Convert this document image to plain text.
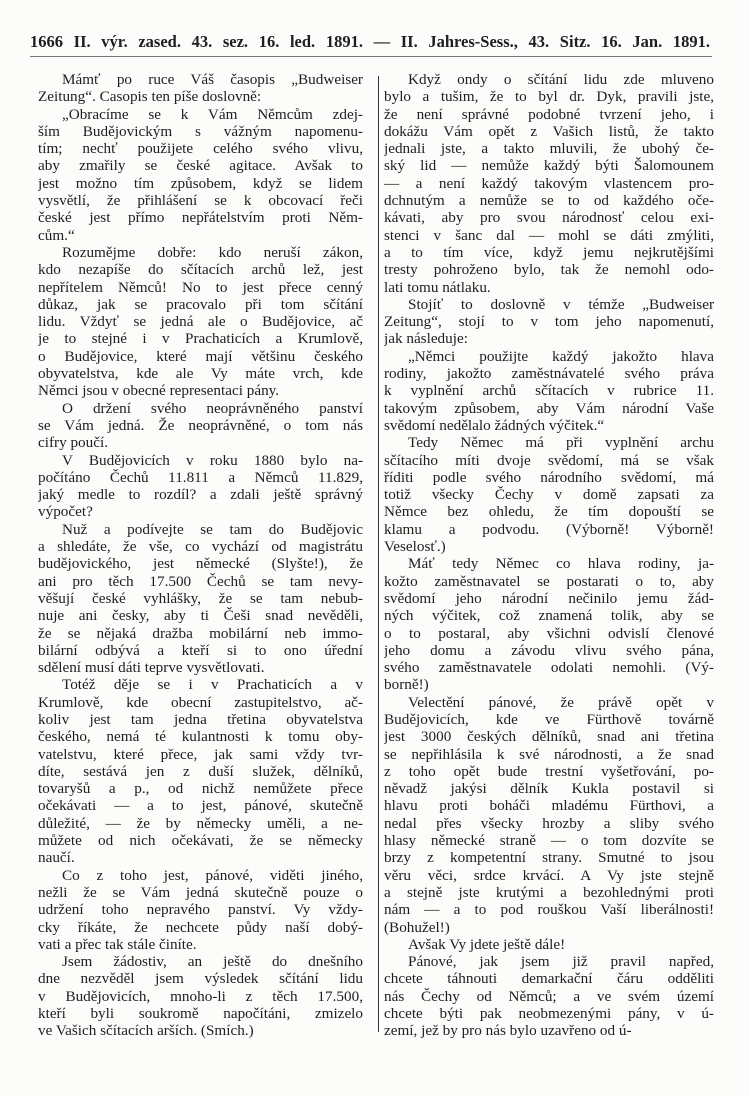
1666 II. výr. zased. 43. sez. 16. led. 1891. — II. Jahres-Sess., 43. Sitz. 16. Jan. 1891.
Mámť po ruce Váš časopis „Budweiser
Zeitung“. Casopis ten píše doslovně:
„Obracíme se k Vám Němcům zdej-
ším Budějovickým s vážným napomenu-
tím; nechť použijete celého svého vlivu,
aby zmařily se české agitace. Avšak to
jest možno tím způsobem, když se lidem
vysvětlí, že přihlášení se k obcovací řeči
české jest přímo nepřátelstvím proti Něm-
cům.“
Rozumějme dobře: kdo neruší zákon,
kdo nezapíše do sčítacích archů lež, jest
nepřítelem Němců! No to jest přece cenný
důkaz, jak se pracovalo při tom sčítání
lidu. Vždyť se jedná ale o Budějovice, ač
je to stejné i v Prachaticích a Krumlově,
o Budějovice, které mají většinu českého
obyvatelstva, kde ale Vy máte vrch, kde
Němci jsou v obecné representaci pány.
O držení svého neoprávněného panství
se Vám jedná. Že neoprávněné, o tom nás
cifry poučí.
V Budějovicích v roku 1880 bylo na-
počítáno Čechů 11.811 a Němců 11.829,
jaký medle to rozdíl? a zdali ještě správný
výpočet?
Nuž a podívejte se tam do Budějovic
a shledáte, že vše, co vychází od magistrátu
budějovického, jest německé (Slyšte!), že
ani pro těch 17.500 Čechů se tam nevy-
věšují české vyhlášky, že se tam nebub-
nuje ani česky, aby ti Češi snad nevěděli,
že se nějaká dražba mobilární neb immo-
bilární odbývá a kteří si to ono úřední
sdělení musí dáti teprve vysvětlovati.
Totéž děje se i v Prachaticích a v
Krumlově, kde obecní zastupitelstvo, ač-
koliv jest tam jedna třetina obyvatelstva
českého, nemá té kulantnosti k tomu oby-
vatelstvu, které přece, jak sami vždy tvr-
díte, sestává jen z duší služek, dělníků,
tovaryšů a p., od nichž nemůžete přece
očekávati — a to jest, pánové, skutečně
důležité, — že by německy uměli, a ne-
můžete od nich očekávati, že se německy
naučí.
Co z toho jest, pánové, viděti jiného,
nežli že se Vám jedná skutečně pouze o
udržení toho nepravého panství. Vy vždy-
cky říkáte, že nechcete půdy naší dobý-
vati a přec tak stále činíte.
Jsem žádostiv, an ještě do dnešního
dne nezvěděl jsem výsledek sčítání lidu
v Budějovicích, mnoho-li z těch 17.500,
kteří byli soukromě napočítáni, zmizelo
ve Vašich sčítacích arších. (Smích.)
Když ondy o sčítání lidu zde mluveno
bylo a tušim, že to byl dr. Dyk, pravili jste,
že není správné podobné tvrzení jeho, i
dokážu Vám opět z Vašich listů, že takto
jednali jste, a takto mluvili, že ubohý če-
ský lid — nemůže každý býti Šalomounem
— a není každý takovým vlastencem pro-
dchnutým a nemůže se to od každého oče-
kávati, aby pro svou národnosť celou exi-
stenci v šanc dal — mohl se dáti zmýliti,
a to tím více, když jemu nejkrutějšími
tresty pohroženo bylo, tak že nemohl odo-
lati tomu nátlaku.
Stojíť to doslovně v témže „Budweiser
Zeitung“, stojí to v tom jeho napomenutí,
jak následuje:
„Němci použijte každý jakožto hlava
rodiny, jakožto zaměstnávatelé svého práva
k vyplnění archů sčítacích v rubrice 11.
takovým způsobem, aby Vám národní Vaše
svědomí nedělalo žádných výčitek.“
Tedy Němec má při vyplnění archu
sčítacího míti dvoje svědomí, má se však
říditi podle svého národního svědomí, má
totiž všecky Čechy v domě zapsati za
Němce bez ohledu, že tím dopouští se
klamu a podvodu. (Výborně! Výborně!
Veselosť.)
Máť tedy Němec co hlava rodiny, ja-
kožto zaměstnavatel se postarati o to, aby
svědomí jeho národní nečinilo jemu žád-
ných výčitek, což znamená tolik, aby se
o to postaral, aby všichni odvislí členové
jeho domu a závodu vlivu svého pána,
svého zaměstnavatele odolati nemohli. (Vý-
borně!)
Velectění pánové, že právě opět v
Budějovicích, kde ve Fürthově továrně
jest 3000 českých dělníků, snad ani třetina
se nepřihlásila k své národnosti, a že snad
z toho opět bude trestní vyšetřování, po-
něvadž jakýsi dělník Kukla postavil si
hlavu proti boháči mladému Fürthovi, a
nedal přes všecky hrozby a sliby svého
hlasy německé straně — o tom dozvíte se
brzy z kompetentní strany. Smutné to jsou
věru věci, srdce krvácí. A Vy jste stejně
a stejně jste krutými a bezohlednými proti
nám — a to pod rouškou Vaší liberálnosti!
(Bohužel!)
Avšak Vy jdete ještě dále!
Pánové, jak jsem již pravil napřed,
chcete táhnouti demarkační čáru odděliti
nás Čechy od Němců; a ve svém území
chcete býti pak neobmezenými pány, v ú-
zemí, jež by pro nás bylo uzavřeno od ú-
